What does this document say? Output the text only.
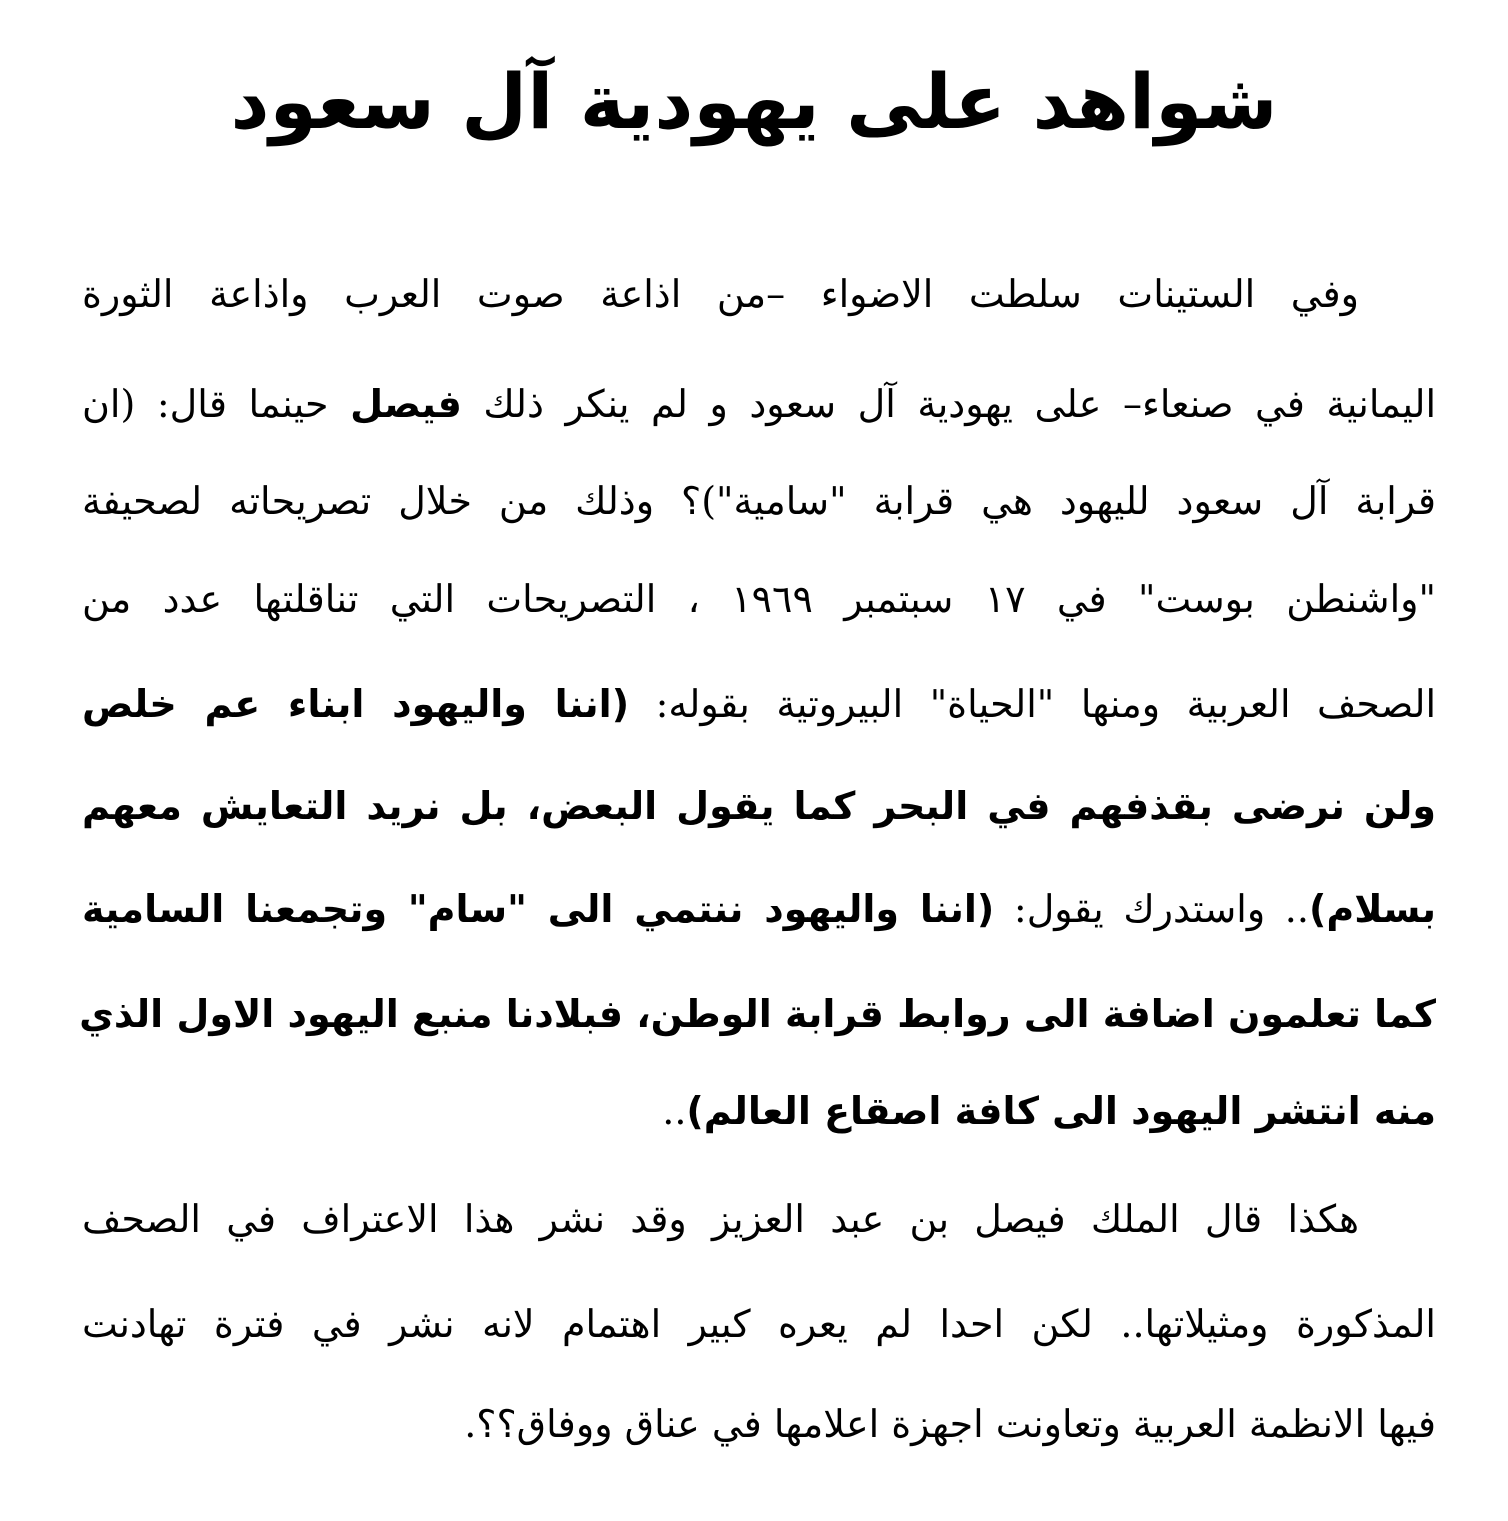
شواهد على يهودية آل سعود

وفي الستينات سلطت الاضواء –من اذاعة صوت العرب واذاعة الثورة

اليمانية في صنعاء– على يهودية آل سعود و لم ينكر ذلك فيصل حينما قال: (ان

قرابة آل سعود لليهود هي قرابة "سامية")؟ وذلك من خلال تصريحاته لصحيفة

"واشنطن بوست" في ١٧ سبتمبر ١٩٦٩ ، التصريحات التي تناقلتها عدد من

الصحف العربية ومنها "الحياة" البيروتية بقوله: (اننا واليهود ابناء عم خلص

ولن نرضى بقذفهم في البحر كما يقول البعض، بل نريد التعايش معهم

بسلام).. واستدرك يقول: (اننا واليهود ننتمي الى "سام" وتجمعنا السامية

كما تعلمون اضافة الى روابط قرابة الوطن، فبلادنا منبع اليهود الاول الذي

منه انتشر اليهود الى كافة اصقاع العالم)..

هكذا قال الملك فيصل بن عبد العزيز وقد نشر هذا الاعتراف في الصحف

المذكورة ومثيلاتها.. لكن احدا لم يعره كبير اهتمام لانه نشر في فترة تهادنت

فيها الانظمة العربية وتعاونت اجهزة اعلامها في عناق ووفاق؟؟.
